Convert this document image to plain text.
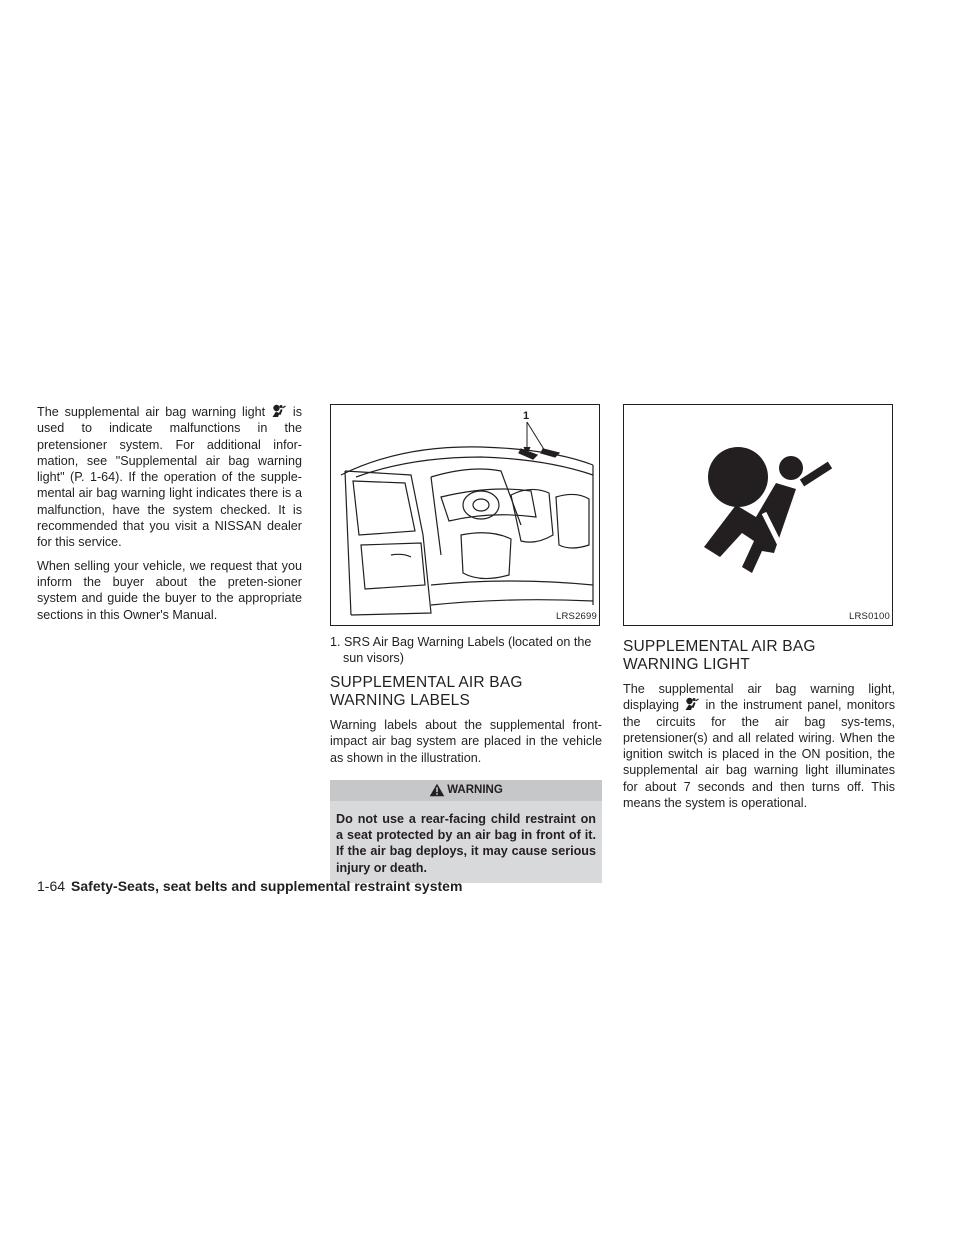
The supplemental air bag warning light is used to indicate malfunctions in the pretensioner system. For additional infor-mation, see "Supplemental air bag warning light" (P. 1-64). If the operation of the supple-mental air bag warning light indicates there is a malfunction, have the system checked. It is recommended that you visit a NISSAN dealer for this service.

When selling your vehicle, we request that you inform the buyer about the preten-sioner system and guide the buyer to the appropriate sections in this Owner's Manual.

1
LRS2699
1. SRS Air Bag Warning Labels (located on the sun visors)
SUPPLEMENTAL AIR BAG WARNING LABELS

Warning labels about the supplemental front-impact air bag system are placed in the vehicle as shown in the illustration.

WARNING
Do not use a rear-facing child restraint on a seat protected by an air bag in front of it. If the air bag deploys, it may cause serious injury or death.
LRS0100
SUPPLEMENTAL AIR BAG WARNING LIGHT

The supplemental air bag warning light, displaying in the instrument panel, monitors the circuits for the air bag sys-tems, pretensioner(s) and all related wiring. When the ignition switch is placed in the ON position, the supplemental air bag warning light illuminates for about 7 seconds and then turns off. This means the system is operational.

1-64 Safety-Seats, seat belts and supplemental restraint system
